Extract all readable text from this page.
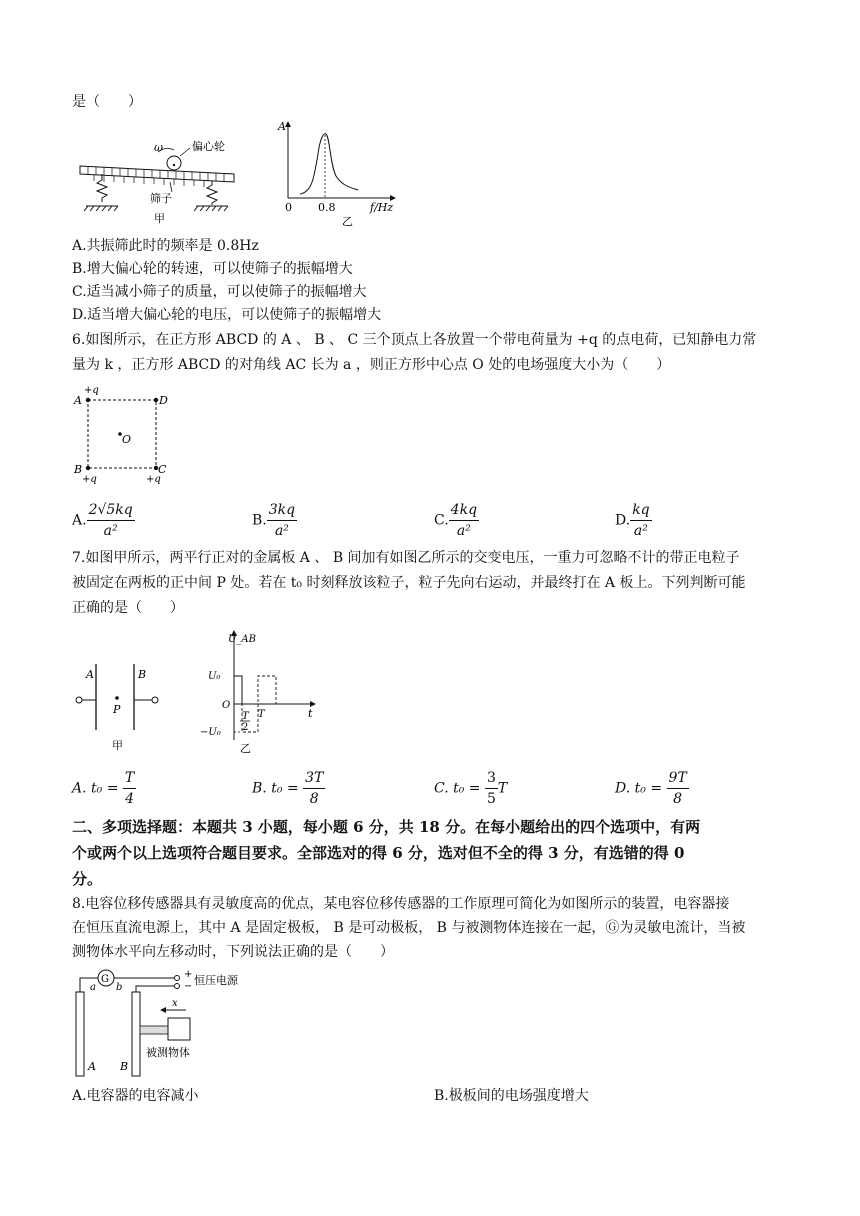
是（　　）
ω	偏心轮
筛子
甲
A
0 0.8	f/Hz
乙
A.共振筛此时的频率是 0.8Hz
B.增大偏心轮的转速，可以使筛子的振幅增大
C.适当减小筛子的质量，可以使筛子的振幅增大
D.适当增大偏心轮的电压，可以使筛子的振幅增大
6.如图所示，在正方形 ABCD 的 A 、 B 、 C 三个顶点上各放置一个带电荷量为 +q 的点电荷，已知静电力常
量为 k ，正方形 ABCD 的对角线 AC 长为 a ，则正方形中心点 O 处的电场强度大小为（　　）
+q
A	D
B
+q
C
+q
O
A. $\frac{2√5kq}{\text{a²}}$	B. $\frac{3kq}{\text{a²}}$	C. $\frac{4kq}{\text{a²}}$	D. $\frac{kq}{\text{a²}}$
7.如图甲所示，两平行正对的金属板 A 、 B 间加有如图乙所示的交变电压，一重力可忽略不计的带正电粒子
被固定在两板的正中间 P 处。若在 t₀ 时刻释放该粒子，粒子先向右运动，并最终打在 A 板上。下列判断可能
正确的是（　　）
A	B
P
甲
U_AB
U₀
O
−U₀
T
2
T	t
乙
A. $t_0 = \frac{T}{4}$	B. $t_0 = \frac{3T}{8}$	C. $t_0 = \frac{3}{5}$ T	D. $t_0 = \frac{9T}{8}$
二、多项选择题：本题共 3 小题，每小题 6 分，共 18 分。在每小题给出的四个选项中，有两
个或两个以上选项符合题目要求。全部选对的得 6 分，选对但不全的得 3 分，有选错的得 0
分。
8.电容位移传感器具有灵敏度高的优点，某电容位移传感器的工作原理可简化为如图所示的装置，电容器接
在恒压直流电源上，其中 A 是固定极板， B 是可动极板， B 与被测物体连接在一起，Ⓖ为灵敏电流计，当被
测物体水平向左移动时，下列说法正确的是（　　）
G	+
− 恒压电源
a b
x
被测物体
A B
A.电容器的电容减小	B.极板间的电场强度增大
